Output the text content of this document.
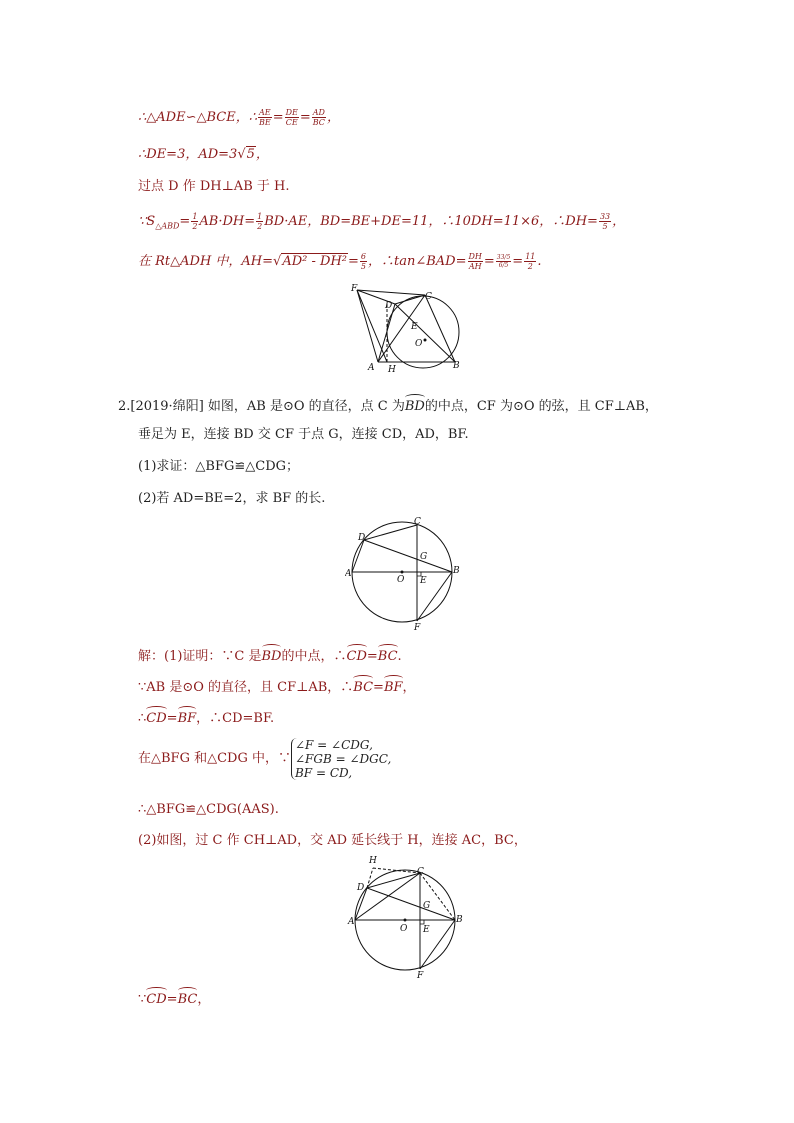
∴△ADE∽△BCE，∴ $\frac{AE}{BE} = \frac{DE}{CE} = \frac{AD}{BC}$ ，
∴DE=3，AD=3√5，
过点 D 作 DH⊥AB 于 H.
$\because S_{\triangle ABD}= \frac{1}{2} AB\cdot DH= \frac{1}{2} BD\cdot AE$，BD=BE+DE=11，∴10DH=11×6，∴DH= $\frac{33}{5}$ ，
在 Rt△ADH 中，$AH=√AD^2 - DH^2= \frac{6}{5}$ ，∴tan∠BAD= $\frac{DH}{AH} = \frac{33/5}{6/5} = \frac{11}{2}$ .
F
D
C
E
O
A H	B
2.[2019·绵阳] 如图，AB 是⊙O 的直径，点 C 为BD的中点，CF 为⊙O 的弦，且 CF⊥AB，
垂足为 E，连接 BD 交 CF 于点 G，连接 CD，AD，BF.
(1)求证：△BFG≌△CDG；
(2)若 AD=BE=2，求 BF 的长.
C
D
G
A
O E
B
F
解：(1)证明：∵C 是BD的中点，∴CD=BC.
∵AB 是⊙O 的直径，且 CF⊥AB，∴BC=BF，
∴CD=BF，∴CD=BF.
在△BFG 和△CDG 中，∵
∠F = ∠CDG,
∠FGB = ∠DGC,
BF = CD,
∴△BFG≌△CDG(AAS).
(2)如图，过 C 作 CH⊥AD，交 AD 延长线于 H，连接 AC，BC，
H
C
D
G
A
O E
B
F
∵CD=BC，
